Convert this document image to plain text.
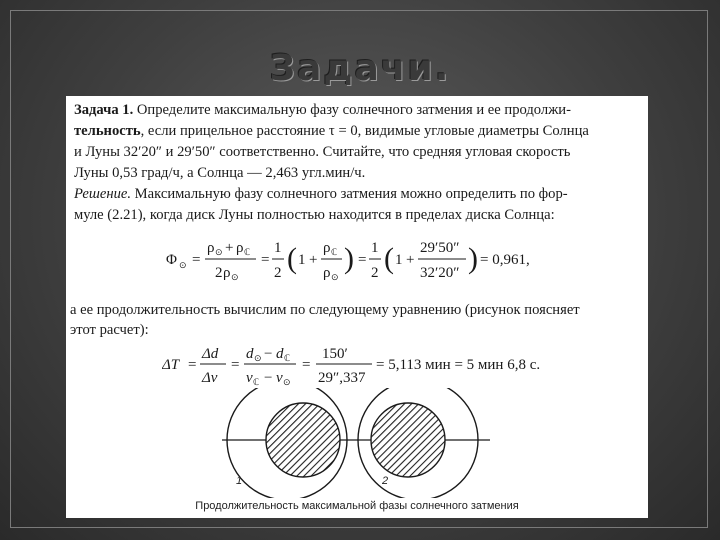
Задачи.

Задача 1. Определите максимальную фазу солнечного затмения и ее продолжи-

тельность, если прицельное расстояние τ = 0, видимые угловые диаметры Солнца

и Луны 32′20″ и 29′50″ соответственно. Считайте, что средняя угловая скорость

Луны 0,53 град/ч, а Солнца — 2,463 угл.мин/ч.

Решение. Максимальную фазу солнечного затмения можно определить по фор-

муле (2.21), когда диск Луны полностью находится в пределах диска Солнца:

Φ ⊙ =
ρ ⊙ + ρ ℂ
2 ρ ⊙
=
1
2 ( 1 +
ρ ℂ
ρ ⊙
) =
1
2 ( 1 +
29′50″
32′20″ ) = 0,961,

а ее продолжительность вычислим по следующему уравнению (рисунок поясняет

этот расчет):

ΔT =
Δd
Δv
=
d ⊙ − d ℂ
v ℂ − v ⊙
=
150′
29″,337
= 5,113 мин = 5 мин 6,8 с.
1	2
Продолжительность максимальной фазы солнечного затмения
